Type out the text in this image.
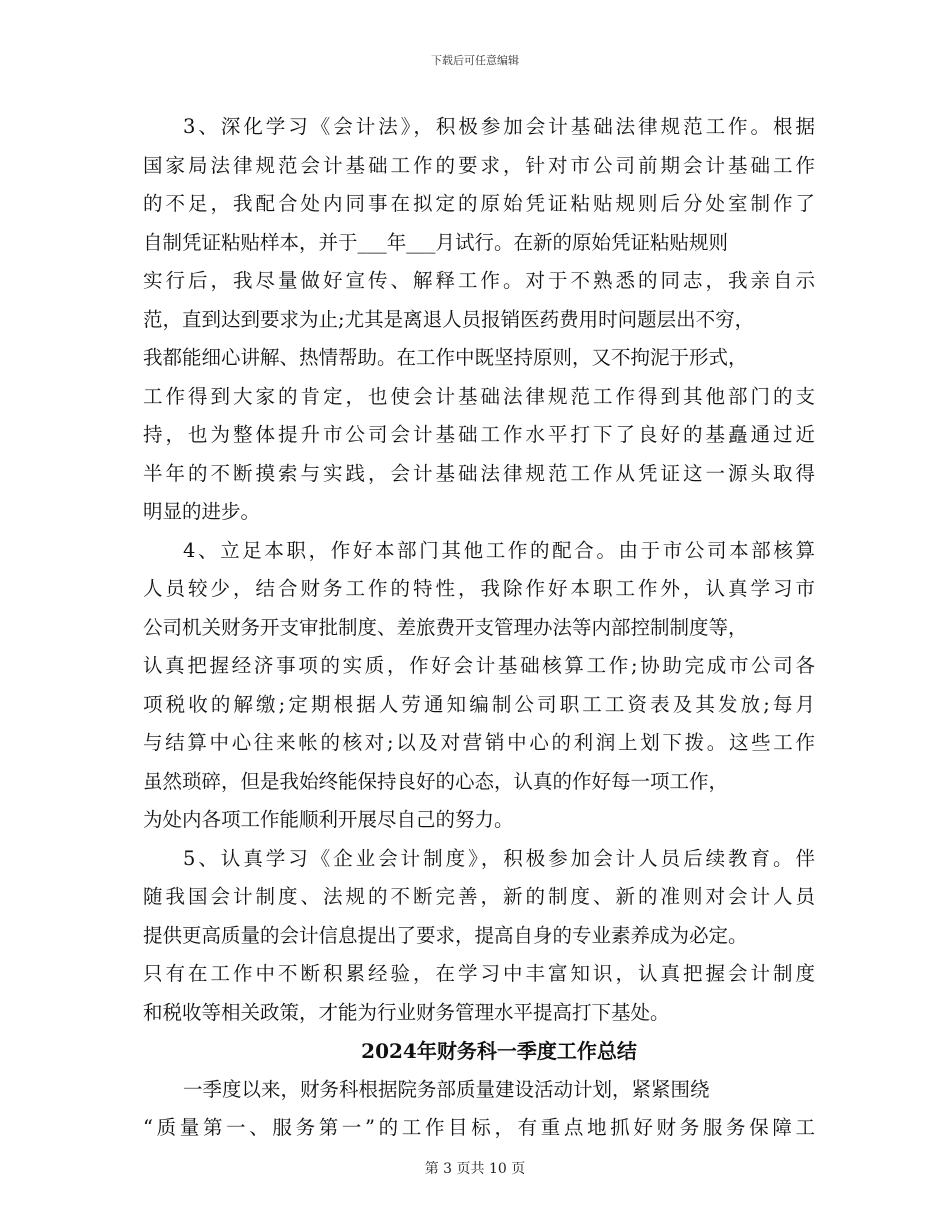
下载后可任意编辑
3、深化学习《会计法》，积极参加会计基础法律规范工作。根据
国家局法律规范会计基础工作的要求，针对市公司前期会计基础工作
的不足，我配合处内同事在拟定的原始凭证粘贴规则后分处室制作了
自制凭证粘贴样本，并于___年___月试行。在新的原始凭证粘贴规则
实行后，我尽量做好宣传、解释工作。对于不熟悉的同志，我亲自示
范，直到达到要求为止;尤其是离退人员报销医药费用时问题层出不穷，
我都能细心讲解、热情帮助。在工作中既坚持原则，又不拘泥于形式，
工作得到大家的肯定，也使会计基础法律规范工作得到其他部门的支
持，也为整体提升市公司会计基础工作水平打下了良好的基矗通过近
半年的不断摸索与实践，会计基础法律规范工作从凭证这一源头取得
明显的进步。
4、立足本职，作好本部门其他工作的配合。由于市公司本部核算
人员较少，结合财务工作的特性，我除作好本职工作外，认真学习市
公司机关财务开支审批制度、差旅费开支管理办法等内部控制制度等，
认真把握经济事项的实质，作好会计基础核算工作;协助完成市公司各
项税收的解缴;定期根据人劳通知编制公司职工工资表及其发放;每月
与结算中心往来帐的核对;以及对营销中心的利润上划下拨。这些工作
虽然琐碎，但是我始终能保持良好的心态，认真的作好每一项工作，
为处内各项工作能顺利开展尽自己的努力。
5、认真学习《企业会计制度》，积极参加会计人员后续教育。伴
随我国会计制度、法规的不断完善，新的制度、新的准则对会计人员
提供更高质量的会计信息提出了要求，提高自身的专业素养成为必定。
只有在工作中不断积累经验，在学习中丰富知识，认真把握会计制度
和税收等相关政策，才能为行业财务管理水平提高打下基处。
2024年财务科一季度工作总结
一季度以来，财务科根据院务部质量建设活动计划，紧紧围绕
“质量第一、服务第一”的工作目标，有重点地抓好财务服务保障工
第 3 页共 10 页
